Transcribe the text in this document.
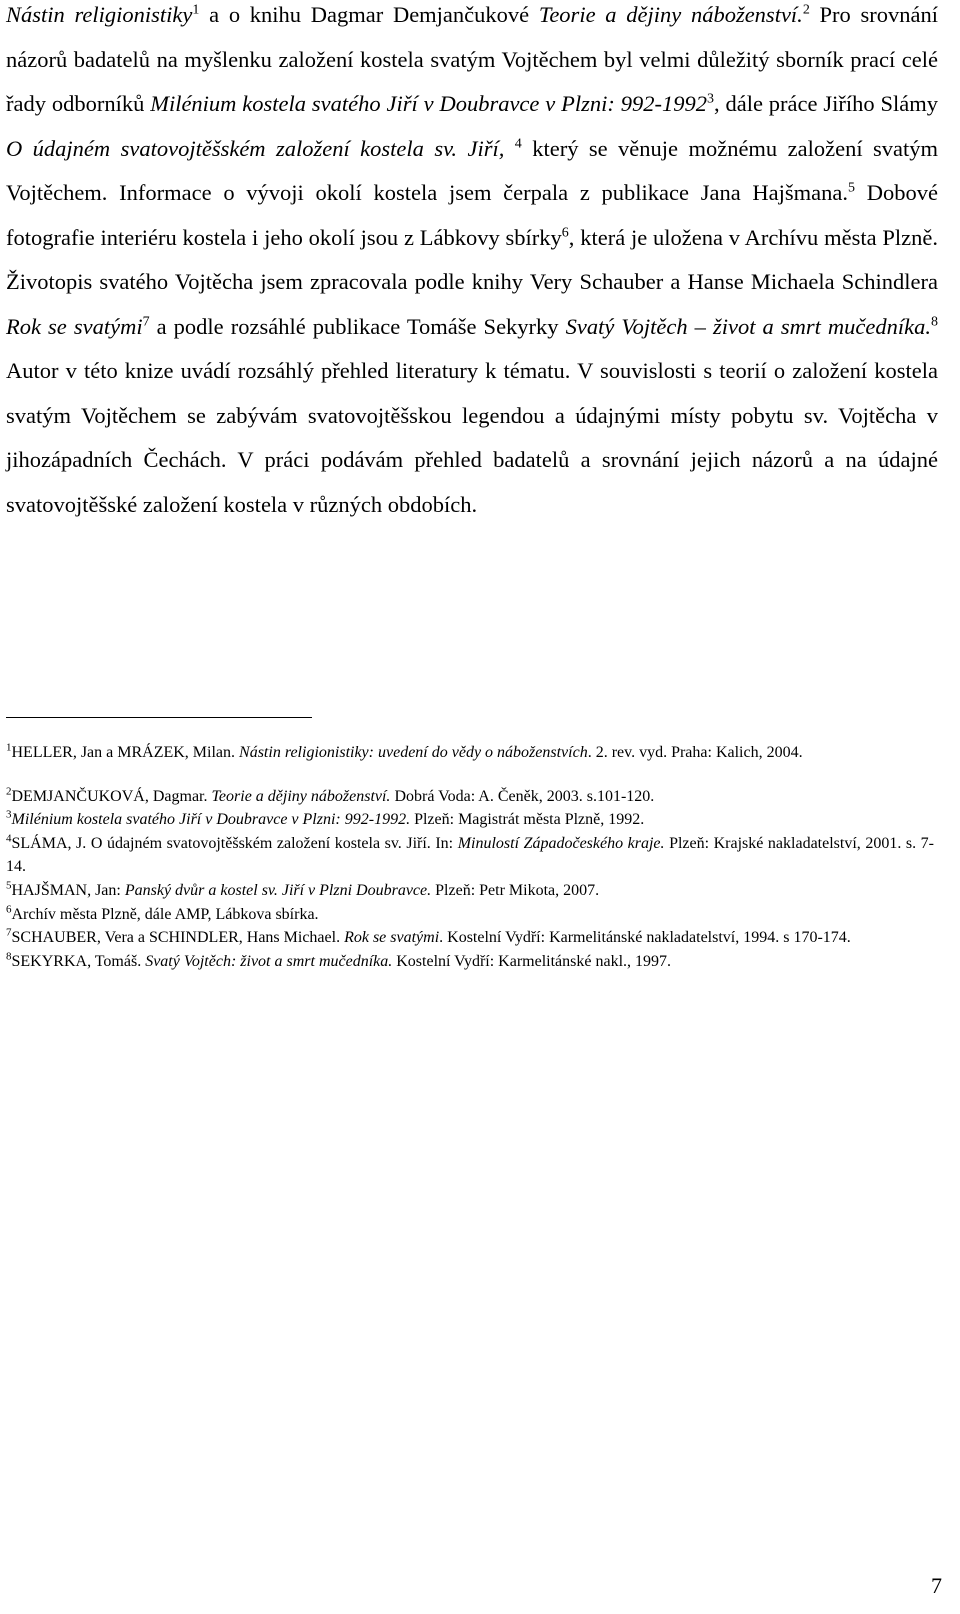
Nástin religionistiky$^1$ a o knihu Dagmar Demjančukové Teorie a dějiny náboženství.$^2$ Pro srovnání názorů badatelů na myšlenku založení kostela svatým Vojtěchem byl velmi důležitý sborník prací celé řady odborníků Milénium kostela svatého Jiří v Doubravce v Plzni: 992-1992$^3$, dále práce Jiřího Slámy O údajném svatovojtěšském založení kostela sv. Jiří, $^4$ který se věnuje možnému založení svatým Vojtěchem. Informace o vývoji okolí kostela jsem čerpala z publikace Jana Hajšmana.$^5$ Dobové fotografie interiéru kostela i jeho okolí jsou z Lábkovy sbírky$^6$, která je uložena v Archívu města Plzně. Životopis svatého Vojtěcha jsem zpracovala podle knihy Very Schauber a Hanse Michaela Schindlera Rok se svatými$^7$ a podle rozsáhlé publikace Tomáše Sekyrky Svatý Vojtěch – život a smrt mučedníka.$^8$ Autor v této knize uvádí rozsáhlý přehled literatury k tématu. V souvislosti s teorií o založení kostela svatým Vojtěchem se zabývám svatovojtěšskou legendou a údajnými místy pobytu sv. Vojtěcha v jihozápadních Čechách. V práci podávám přehled badatelů a srovnání jejich názorů a na údajné svatovojtěšské založení kostela v různých obdobích.

$^1$HELLER, Jan a MRÁZEK, Milan. Nástin religionistiky: uvedení do vědy o náboženstvích. 2. rev. vyd. Praha: Kalich, 2004.

$^2$DEMJANČUKOVÁ, Dagmar. Teorie a dějiny náboženství. Dobrá Voda: A. Čeněk, 2003. s.101-120.

$^3$Milénium kostela svatého Jiří v Doubravce v Plzni: 992-1992. Plzeň: Magistrát města Plzně, 1992.

$^4$SLÁMA, J. O údajném svatovojtěšském založení kostela sv. Jiří. In: Minulostí Západočeského kraje. Plzeň: Krajské nakladatelství, 2001. s. 7-14.

$^5$HAJŠMAN, Jan: Panský dvůr a kostel sv. Jiří v Plzni Doubravce. Plzeň: Petr Mikota, 2007.

$^6$Archív města Plzně, dále AMP, Lábkova sbírka.

$^7$SCHAUBER, Vera a SCHINDLER, Hans Michael. Rok se svatými. Kostelní Vydří: Karmelitánské nakladatelství, 1994. s 170-174.

$^8$SEKYRKA, Tomáš. Svatý Vojtěch: život a smrt mučedníka. Kostelní Vydří: Karmelitánské nakl., 1997.

7
